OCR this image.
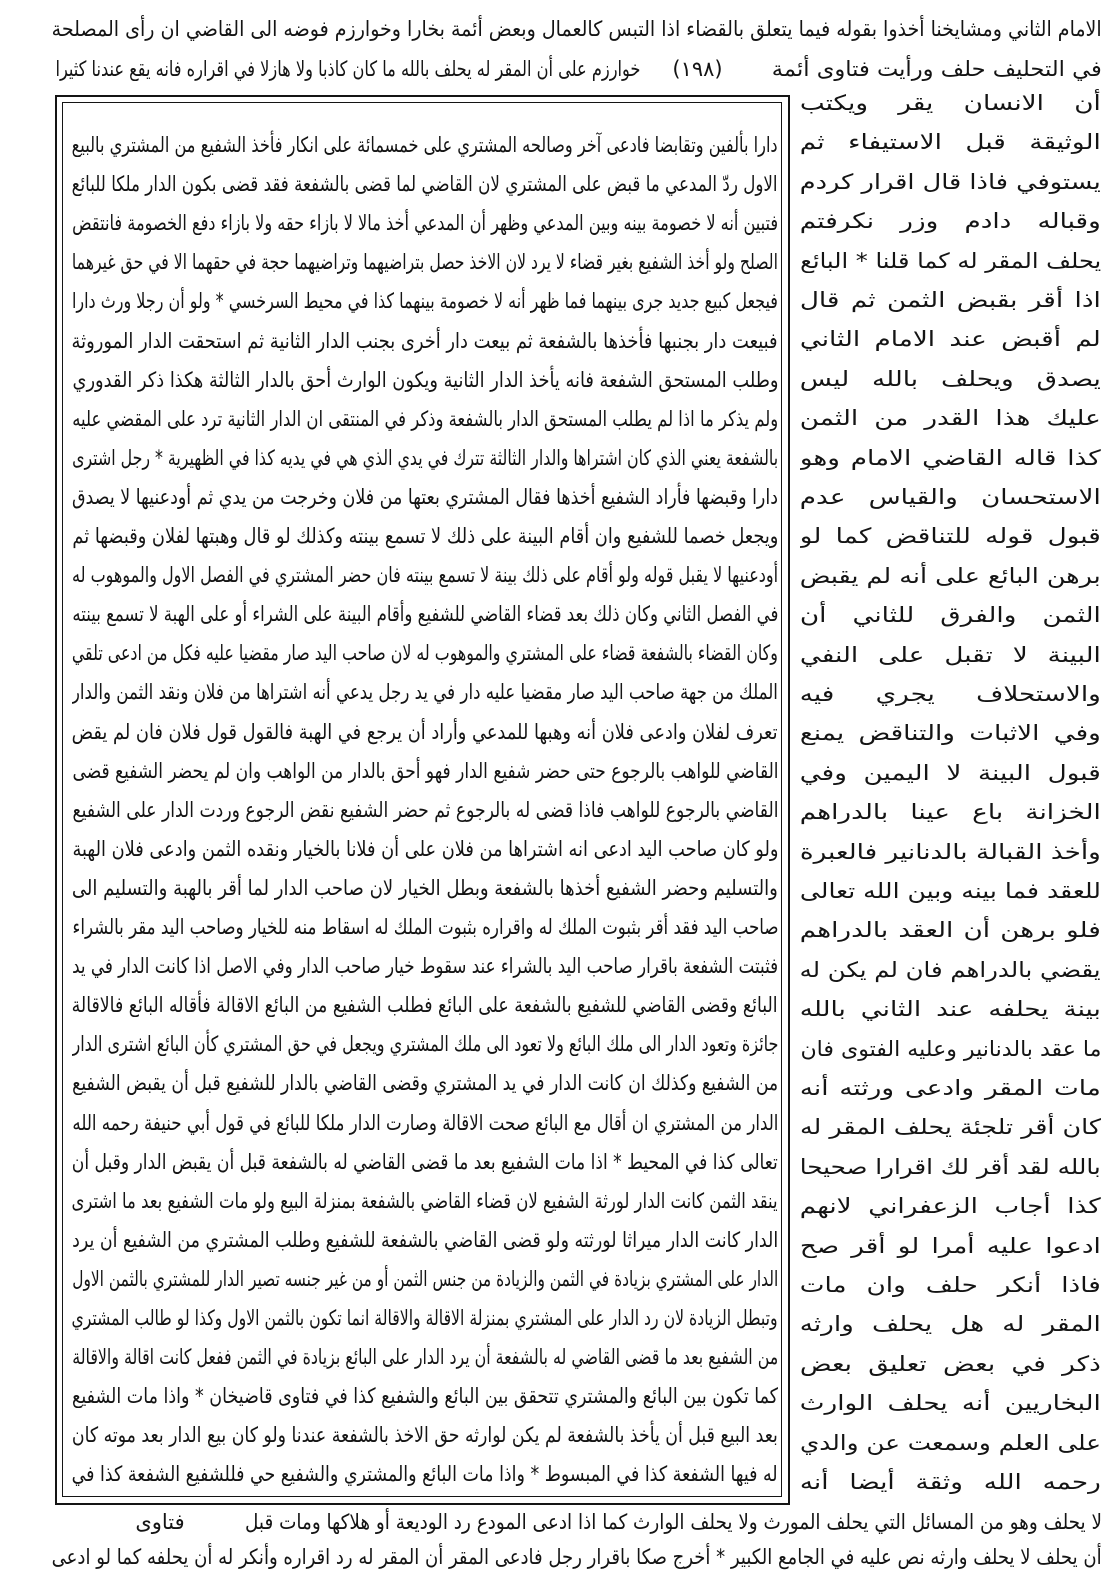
الامام الثاني ومشايخنا أخذوا بقوله فيما يتعلق بالقضاء اذا التبس كالعمال وبعض أئمة بخارا وخوارزم فوضه الى القاضي ان رأى المصلحة
في التحليف حلف ورأيت فتاوى أئمة
(١٩٨)
خوارزم على أن المقر له يحلف بالله ما كان كاذبا ولا هازلا في اقراره فانه يقع عندنا كثيرا
دارا بألفين وتقابضا فادعى آخر وصالحه المشتري على خمسمائة على انكار فأخذ الشفيع من المشتري بالبيع
الاول ردّ المدعي ما قبض على المشتري لان القاضي لما قضى بالشفعة فقد قضى بكون الدار ملكا للبائع
فتبين أنه لا خصومة بينه وبين المدعي وظهر أن المدعي أخذ مالا لا بازاء حقه ولا بازاء دفع الخصومة فانتقض
الصلح ولو أخذ الشفيع بغير قضاء لا يرد لان الاخذ حصل بتراضيهما وتراضيهما حجة في حقهما الا في حق غيرهما
فيجعل كبيع جديد جرى بينهما فما ظهر أنه لا خصومة بينهما كذا في محيط السرخسي * ولو أن رجلا ورث دارا
فبيعت دار بجنبها فأخذها بالشفعة ثم بيعت دار أخرى بجنب الدار الثانية ثم استحقت الدار الموروثة
وطلب المستحق الشفعة فانه يأخذ الدار الثانية ويكون الوارث أحق بالدار الثالثة هكذا ذكر القدوري
ولم يذكر ما اذا لم يطلب المستحق الدار بالشفعة وذكر في المنتقى ان الدار الثانية ترد على المقضي عليه
بالشفعة يعني الذي كان اشتراها والدار الثالثة تترك في يدي الذي هي في يديه كذا في الظهيرية * رجل اشترى
دارا وقبضها فأراد الشفيع أخذها فقال المشتري بعتها من فلان وخرجت من يدي ثم أودعنيها لا يصدق
ويجعل خصما للشفيع وان أقام البينة على ذلك لا تسمع بينته وكذلك لو قال وهبتها لفلان وقبضها ثم
أودعنيها لا يقبل قوله ولو أقام على ذلك بينة لا تسمع بينته فان حضر المشتري في الفصل الاول والموهوب له
في الفصل الثاني وكان ذلك بعد قضاء القاضي للشفيع وأقام البينة على الشراء أو على الهبة لا تسمع بينته
وكان القضاء بالشفعة قضاء على المشتري والموهوب له لان صاحب اليد صار مقضيا عليه فكل من ادعى تلقي
الملك من جهة صاحب اليد صار مقضيا عليه دار في يد رجل يدعي أنه اشتراها من فلان ونقد الثمن والدار
تعرف لفلان وادعى فلان أنه وهبها للمدعي وأراد أن يرجع في الهبة فالقول قول فلان فان لم يقض
القاضي للواهب بالرجوع حتى حضر شفيع الدار فهو أحق بالدار من الواهب وان لم يحضر الشفيع قضى
القاضي بالرجوع للواهب فاذا قضى له بالرجوع ثم حضر الشفيع نقض الرجوع وردت الدار على الشفيع
ولو كان صاحب اليد ادعى انه اشتراها من فلان على أن فلانا بالخيار ونقده الثمن وادعى فلان الهبة
والتسليم وحضر الشفيع أخذها بالشفعة وبطل الخيار لان صاحب الدار لما أقر بالهبة والتسليم الى
صاحب اليد فقد أقر بثبوت الملك له واقراره بثبوت الملك له اسقاط منه للخيار وصاحب اليد مقر بالشراء
فثبتت الشفعة باقرار صاحب اليد بالشراء عند سقوط خيار صاحب الدار وفي الاصل اذا كانت الدار في يد
البائع وقضى القاضي للشفيع بالشفعة على البائع فطلب الشفيع من البائع الاقالة فأقاله البائع فالاقالة
جائزة وتعود الدار الى ملك البائع ولا تعود الى ملك المشتري ويجعل في حق المشتري كأن البائع اشترى الدار
من الشفيع وكذلك ان كانت الدار في يد المشتري وقضى القاضي بالدار للشفيع قبل أن يقبض الشفيع
الدار من المشتري ان أقال مع البائع صحت الاقالة وصارت الدار ملكا للبائع في قول أبي حنيفة رحمه الله
تعالى كذا في المحيط * اذا مات الشفيع بعد ما قضى القاضي له بالشفعة قبل أن يقبض الدار وقبل أن
ينقد الثمن كانت الدار لورثة الشفيع لان قضاء القاضي بالشفعة بمنزلة البيع ولو مات الشفيع بعد ما اشترى
الدار كانت الدار ميراثا لورثته ولو قضى القاضي بالشفعة للشفيع وطلب المشتري من الشفيع أن يرد
الدار على المشتري بزيادة في الثمن والزيادة من جنس الثمن أو من غير جنسه تصير الدار للمشتري بالثمن الاول
وتبطل الزيادة لان رد الدار على المشتري بمنزلة الاقالة والاقالة انما تكون بالثمن الاول وكذا لو طالب المشتري
من الشفيع بعد ما قضى القاضي له بالشفعة أن يرد الدار على البائع بزيادة في الثمن ففعل كانت اقالة والاقالة
كما تكون بين البائع والمشتري تتحقق بين البائع والشفيع كذا في فتاوى قاضيخان * واذا مات الشفيع
بعد البيع قبل أن يأخذ بالشفعة لم يكن لوارثه حق الاخذ بالشفعة عندنا ولو كان بيع الدار بعد موته كان
له فيها الشفعة كذا في المبسوط * واذا مات البائع والمشتري والشفيع حي فللشفيع الشفعة كذا في
أن الانسان يقر ويكتب
الوثيقة قبل الاستيفاء ثم
يستوفي فاذا قال اقرار كردم
وقباله دادم وزر نكرفتم
يحلف المقر له كما قلنا * البائع
اذا أقر بقبض الثمن ثم قال
لم أقبض عند الامام الثاني
يصدق ويحلف بالله ليس
عليك هذا القدر من الثمن
كذا قاله القاضي الامام وهو
الاستحسان والقياس عدم
قبول قوله للتناقض كما لو
برهن البائع على أنه لم يقبض
الثمن والفرق للثاني أن
البينة لا تقبل على النفي
والاستحلاف يجري فيه
وفي الاثبات والتناقض يمنع
قبول البينة لا اليمين وفي
الخزانة باع عينا بالدراهم
وأخذ القبالة بالدنانير فالعبرة
للعقد فما بينه وبين الله تعالى
فلو برهن أن العقد بالدراهم
يقضي بالدراهم فان لم يكن له
بينة يحلفه عند الثاني بالله
ما عقد بالدنانير وعليه الفتوى فان
مات المقر وادعى ورثته أنه
كان أقر تلجئة يحلف المقر له
بالله لقد أقر لك اقرارا صحيحا
كذا أجاب الزعفراني لانهم
ادعوا عليه أمرا لو أقر صح
فاذا أنكر حلف وان مات
المقر له هل يحلف وارثه
ذكر في بعض تعليق بعض
البخاريين أنه يحلف الوارث
على العلم وسمعت عن والدي
رحمه الله وثقة أيضا أنه
لا يحلف وهو من المسائل التي يحلف المورث ولا يحلف الوارث كما اذا ادعى المودع رد الوديعة أو هلاكها ومات قبل
فتاوى
أن يحلف لا يحلف وارثه نص عليه في الجامع الكبير * أخرج صكا باقرار رجل فادعى المقر أن المقر له رد اقراره وأنكر له أن يحلفه كما لو ادعى
